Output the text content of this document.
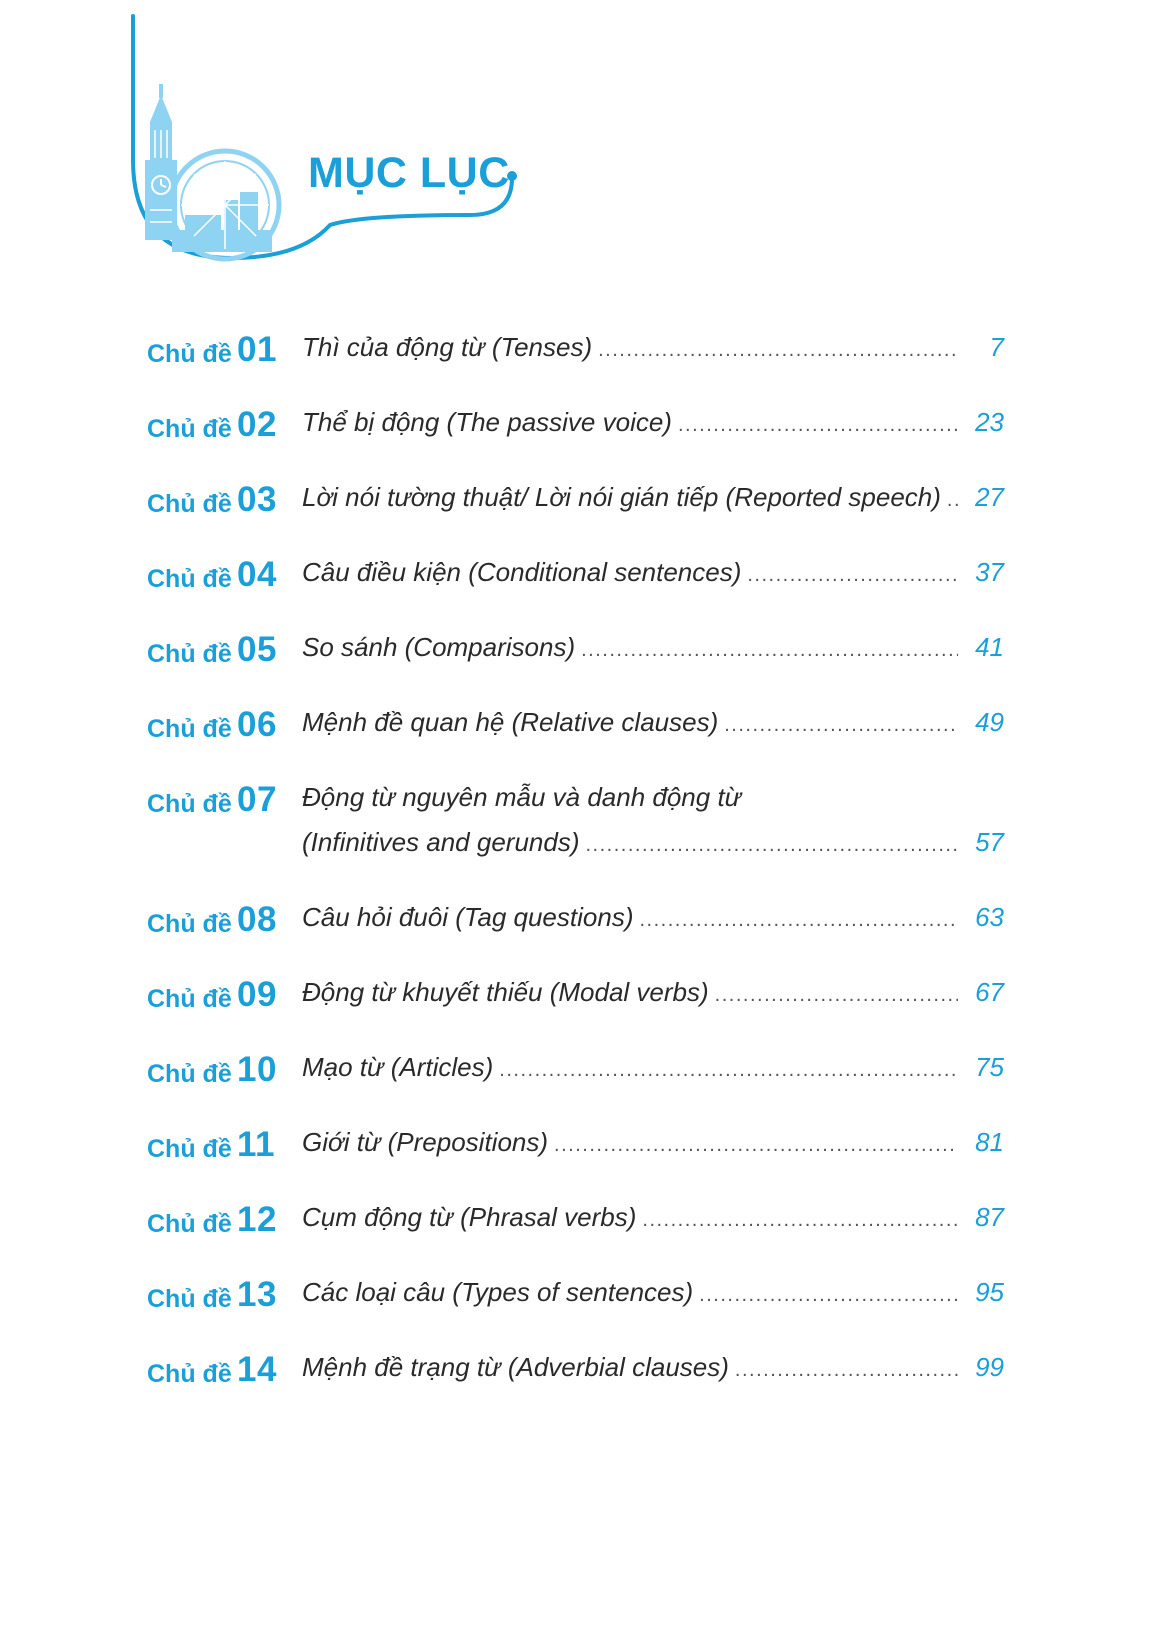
MỤC LỤC
Chủ đề 01 Thì của động từ (Tenses) .....	7
Chủ đề 02 Thể bị động (The passive voice) .....	23
Chủ đề 03 Lời nói tường thuật/ Lời nói gián tiếp (Reported speech) .....	27
Chủ đề 04 Câu điều kiện (Conditional sentences) .....	37
Chủ đề 05 So sánh (Comparisons) .....	41
Chủ đề 06 Mệnh đề quan hệ (Relative clauses) .....	49
Chủ đề 07 Động từ nguyên mẫu và danh động từ
(Infinitives and gerunds) .....	57
Chủ đề 08 Câu hỏi đuôi (Tag questions) .....	63
Chủ đề 09 Động từ khuyết thiếu (Modal verbs) .....	67
Chủ đề 10 Mạo từ (Articles) .....	75
Chủ đề 11 Giới từ (Prepositions) .....	81
Chủ đề 12 Cụm động từ (Phrasal verbs) .....	87
Chủ đề 13 Các loại câu (Types of sentences) .....	95
Chủ đề 14 Mệnh đề trạng từ (Adverbial clauses) .....	99
